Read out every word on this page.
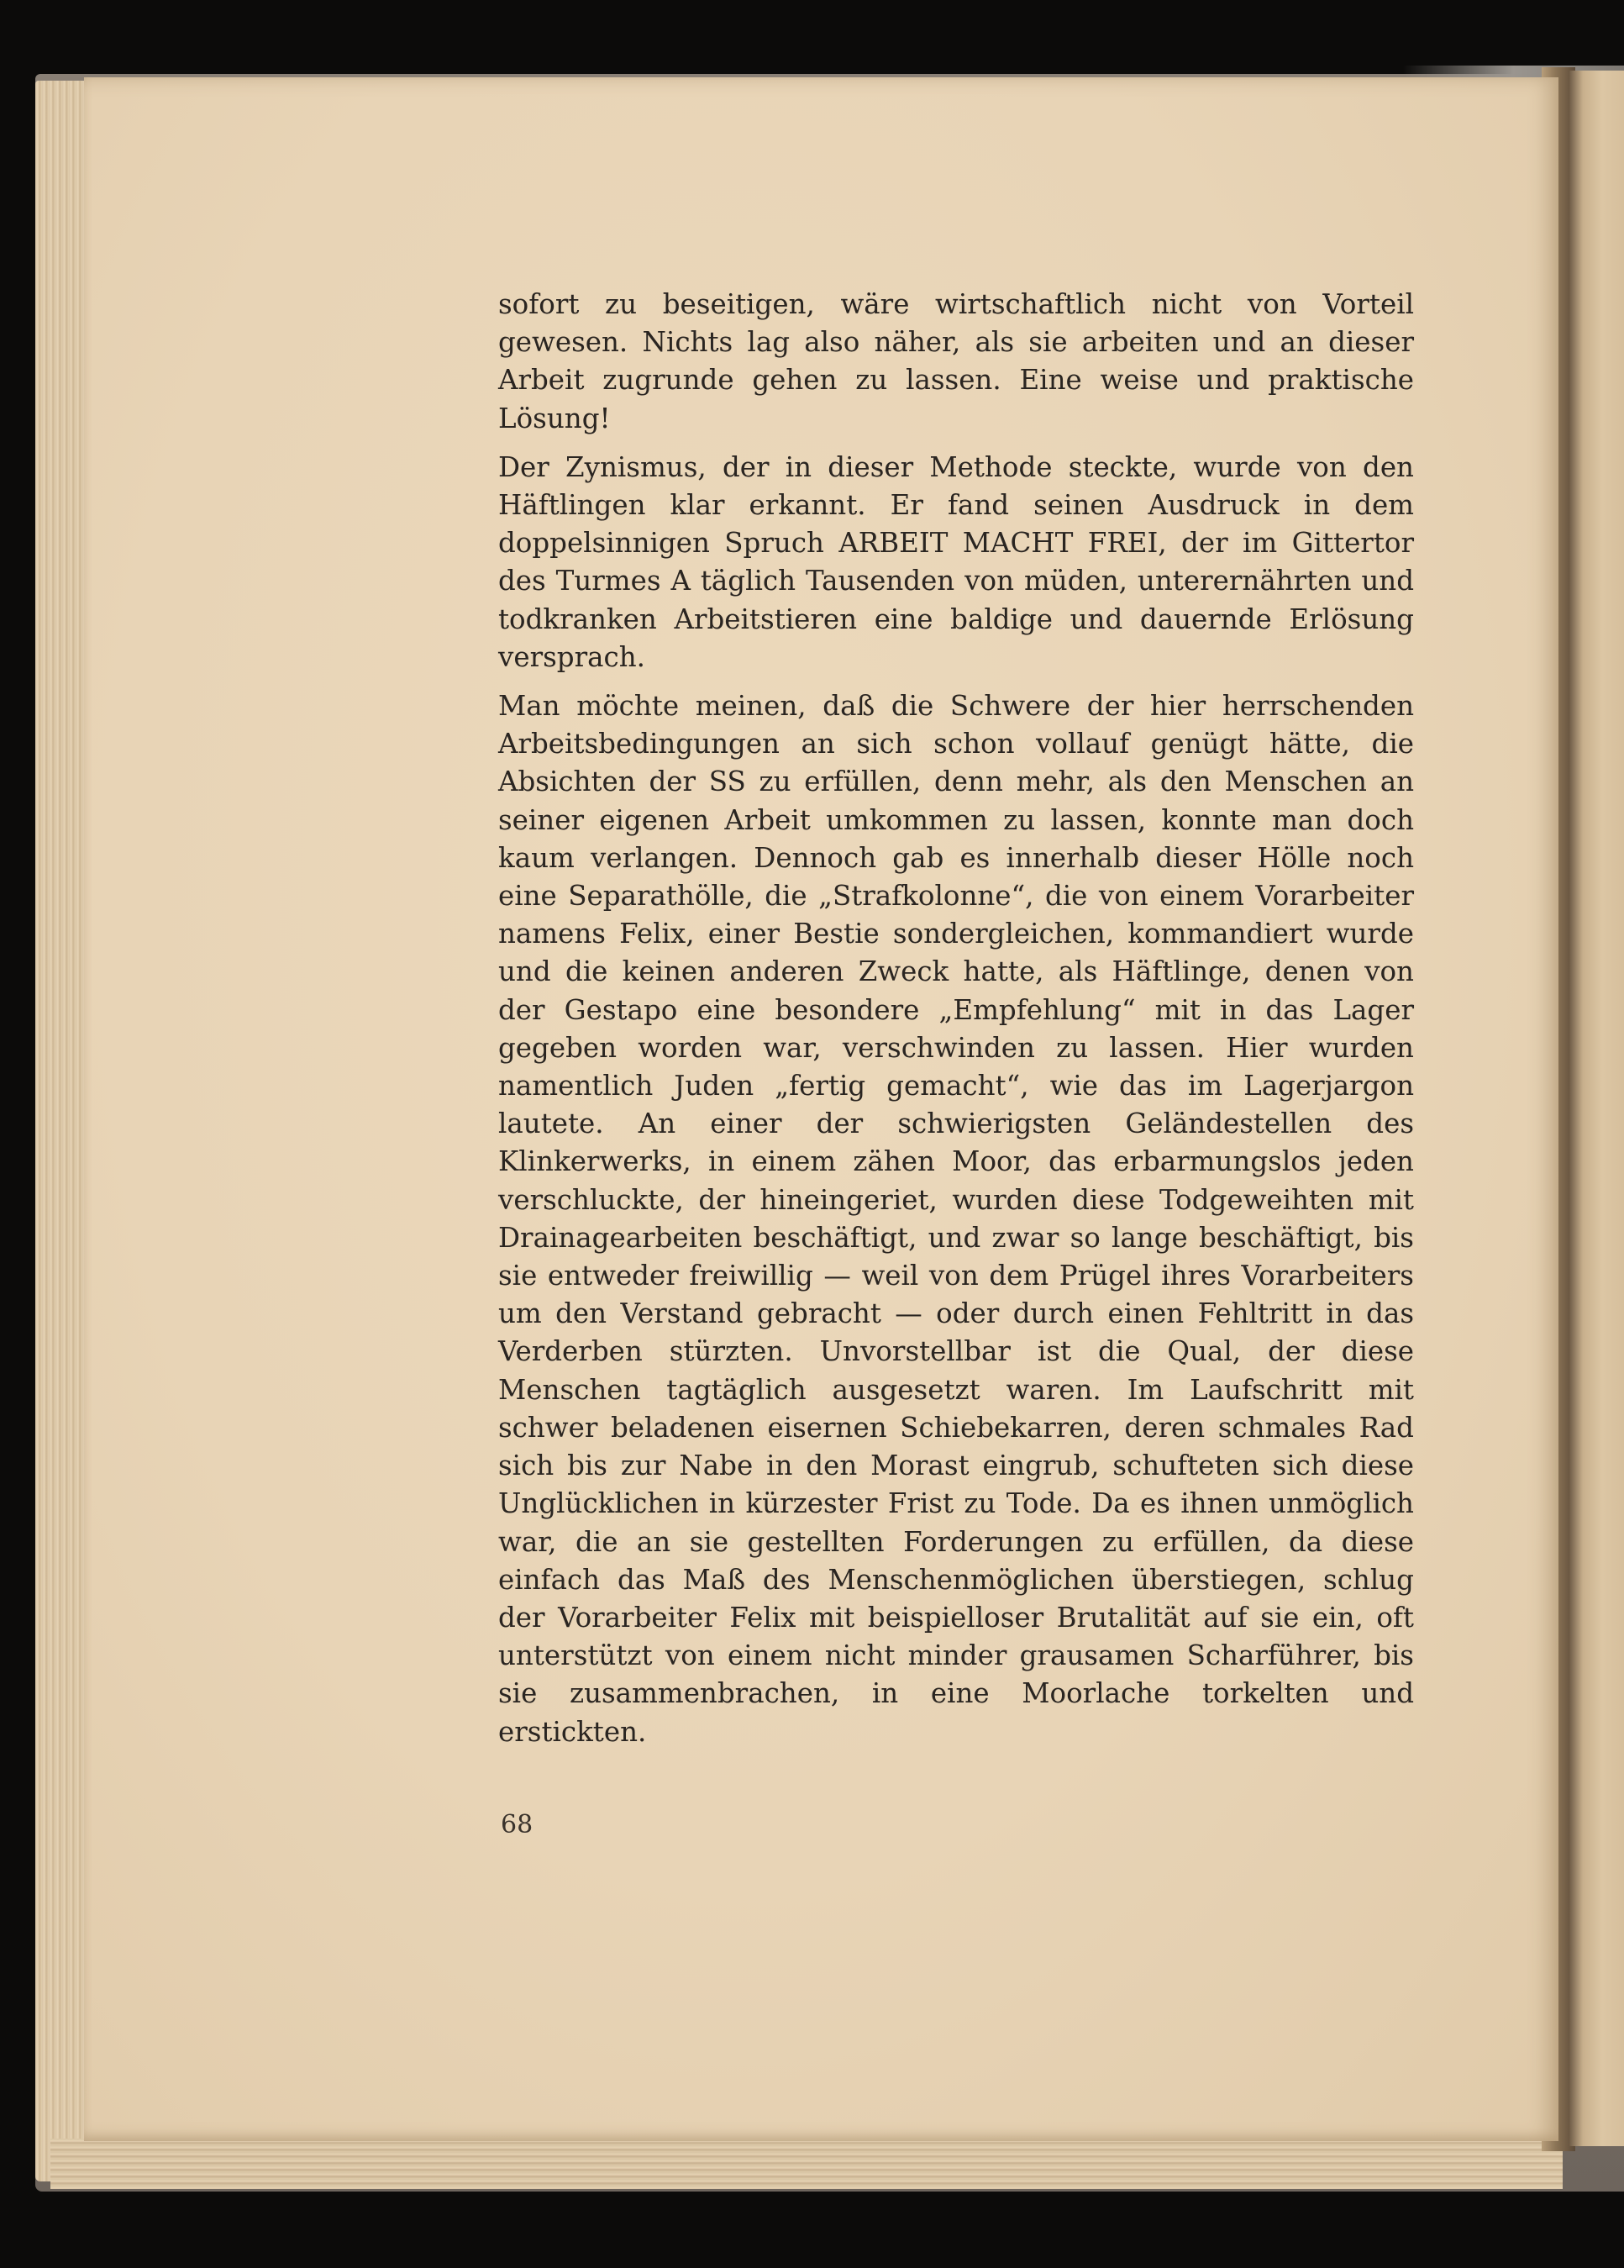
sofort zu beseitigen, wäre wirtschaftlich nicht von Vorteil gewesen. Nichts lag also näher, als sie arbeiten und an dieser Arbeit zugrunde gehen zu lassen. Eine weise und praktische Lösung!

Der Zynismus, der in dieser Methode steckte, wurde von den Häftlingen klar erkannt. Er fand seinen Ausdruck in dem doppelsinnigen Spruch ARBEIT MACHT FREI, der im Gittertor des Turmes A täglich Tausenden von müden, unterernährten und todkranken Arbeitstieren eine baldige und dauernde Erlösung versprach.

Man möchte meinen, daß die Schwere der hier herrschenden Arbeitsbedingungen an sich schon vollauf genügt hätte, die Absichten der SS zu erfüllen, denn mehr, als den Menschen an seiner eigenen Arbeit umkommen zu lassen, konnte man doch kaum verlangen. Dennoch gab es innerhalb dieser Hölle noch eine Separathölle, die „Strafkolonne“, die von einem Vorarbeiter namens Felix, einer Bestie sondergleichen, kommandiert wurde und die keinen anderen Zweck hatte, als Häftlinge, denen von der Gestapo eine besondere „Empfehlung“ mit in das Lager gegeben worden war, verschwinden zu lassen. Hier wurden namentlich Juden „fertig gemacht“, wie das im Lagerjargon lautete. An einer der schwierigsten Geländestellen des Klinkerwerks, in einem zähen Moor, das erbarmungslos jeden verschluckte, der hineingeriet, wurden diese Todgeweihten mit Drainagearbeiten beschäftigt, und zwar so lange beschäftigt, bis sie entweder freiwillig — weil von dem Prügel ihres Vorarbeiters um den Verstand gebracht — oder durch einen Fehltritt in das Verderben stürzten. Unvorstellbar ist die Qual, der diese Menschen tagtäglich ausgesetzt waren. Im Laufschritt mit schwer beladenen eisernen Schiebekarren, deren schmales Rad sich bis zur Nabe in den Morast eingrub, schufteten sich diese Unglücklichen in kürzester Frist zu Tode. Da es ihnen unmöglich war, die an sie gestellten Forderungen zu erfüllen, da diese einfach das Maß des Menschenmöglichen überstiegen, schlug der Vorarbeiter Felix mit beispielloser Brutalität auf sie ein, oft unterstützt von einem nicht minder grausamen Scharführer, bis sie zusammenbrachen, in eine Moorlache torkelten und erstickten.

68
